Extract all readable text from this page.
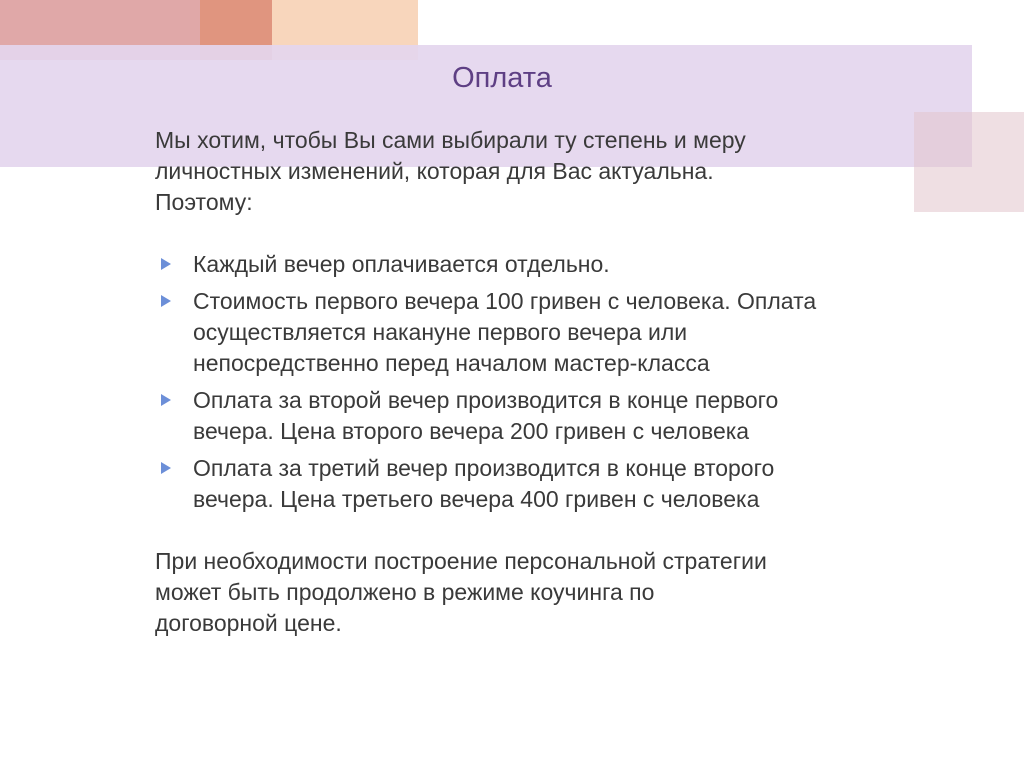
Оплата

Мы хотим, чтобы Вы сами выбирали ту степень и меру
личностных изменений, которая для Вас актуальна.
Поэтому:

Каждый вечер оплачивается отдельно.
Стоимость первого вечера 100 гривен с человека. Оплата осуществляется накануне первого вечера или непосредственно перед началом мастер-класса
Оплата за второй вечер производится в конце первого вечера. Цена второго вечера 200 гривен с человека
Оплата за третий вечер производится в конце второго вечера. Цена третьего вечера 400 гривен с человека

При необходимости построение персональной стратегии
может быть продолжено в режиме коучинга по
договорной цене.
